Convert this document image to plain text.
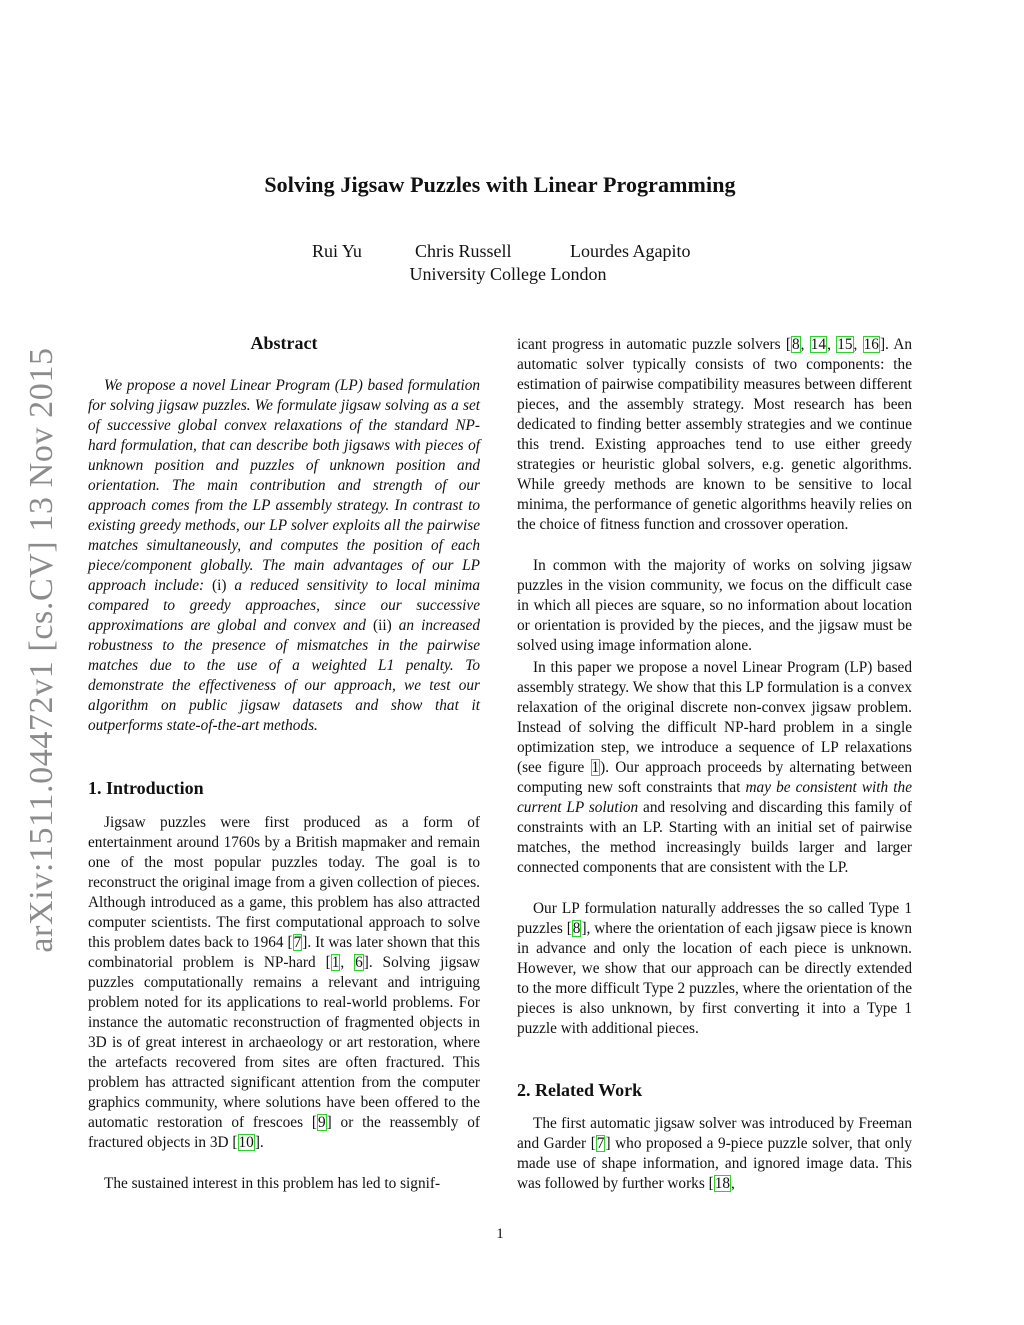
Solving Jigsaw Puzzles with Linear Programming
Rui Yu	Chris Russell	Lourdes Agapito
University College London
arXiv:1511.04472v1 [cs.CV] 13 Nov 2015
Abstract

We propose a novel Linear Program (LP) based formulation for solving jigsaw puzzles. We formulate jigsaw solving as a set of successive global convex relaxations of the standard NP-hard formulation, that can describe both jigsaws with pieces of unknown position and puzzles of unknown position and orientation. The main contribution and strength of our approach comes from the LP assembly strategy. In contrast to existing greedy methods, our LP solver exploits all the pairwise matches simultaneously, and computes the position of each piece/component globally. The main advantages of our LP approach include: (i) a reduced sensitivity to local minima compared to greedy approaches, since our successive approximations are global and convex and (ii) an increased robustness to the presence of mismatches in the pairwise matches due to the use of a weighted L1 penalty. To demonstrate the effectiveness of our approach, we test our algorithm on public jigsaw datasets and show that it outperforms state-of-the-art methods.

1. Introduction

Jigsaw puzzles were first produced as a form of entertainment around 1760s by a British mapmaker and remain one of the most popular puzzles today. The goal is to reconstruct the original image from a given collection of pieces. Although introduced as a game, this problem has also attracted computer scientists. The first computational approach to solve this problem dates back to 1964 [7]. It was later shown that this combinatorial problem is NP-hard [1, 6]. Solving jigsaw puzzles computationally remains a relevant and intriguing problem noted for its applications to real-world problems. For instance the automatic reconstruction of fragmented objects in 3D is of great interest in archaeology or art restoration, where the artefacts recovered from sites are often fractured. This problem has attracted significant attention from the computer graphics community, where solutions have been offered to the automatic restoration of frescoes [9] or the reassembly of fractured objects in 3D [10].

The sustained interest in this problem has led to signif-

icant progress in automatic puzzle solvers [8, 14, 15, 16]. An automatic solver typically consists of two components: the estimation of pairwise compatibility measures between different pieces, and the assembly strategy. Most research has been dedicated to finding better assembly strategies and we continue this trend. Existing approaches tend to use either greedy strategies or heuristic global solvers, e.g. genetic algorithms. While greedy methods are known to be sensitive to local minima, the performance of genetic algorithms heavily relies on the choice of fitness function and crossover operation.

In common with the majority of works on solving jigsaw puzzles in the vision community, we focus on the difficult case in which all pieces are square, so no information about location or orientation is provided by the pieces, and the jigsaw must be solved using image information alone.

In this paper we propose a novel Linear Program (LP) based assembly strategy. We show that this LP formulation is a convex relaxation of the original discrete non-convex jigsaw problem. Instead of solving the difficult NP-hard problem in a single optimization step, we introduce a sequence of LP relaxations (see figure 1). Our approach proceeds by alternating between computing new soft constraints that may be consistent with the current LP solution and resolving and discarding this family of constraints with an LP. Starting with an initial set of pairwise matches, the method increasingly builds larger and larger connected components that are consistent with the LP.

Our LP formulation naturally addresses the so called Type 1 puzzles [8], where the orientation of each jigsaw piece is known in advance and only the location of each piece is unknown. However, we show that our approach can be directly extended to the more difficult Type 2 puzzles, where the orientation of the pieces is also unknown, by first converting it into a Type 1 puzzle with additional pieces.

2. Related Work

The first automatic jigsaw solver was introduced by Freeman and Garder [7] who proposed a 9-piece puzzle solver, that only made use of shape information, and ignored image data. This was followed by further works [18,

1
